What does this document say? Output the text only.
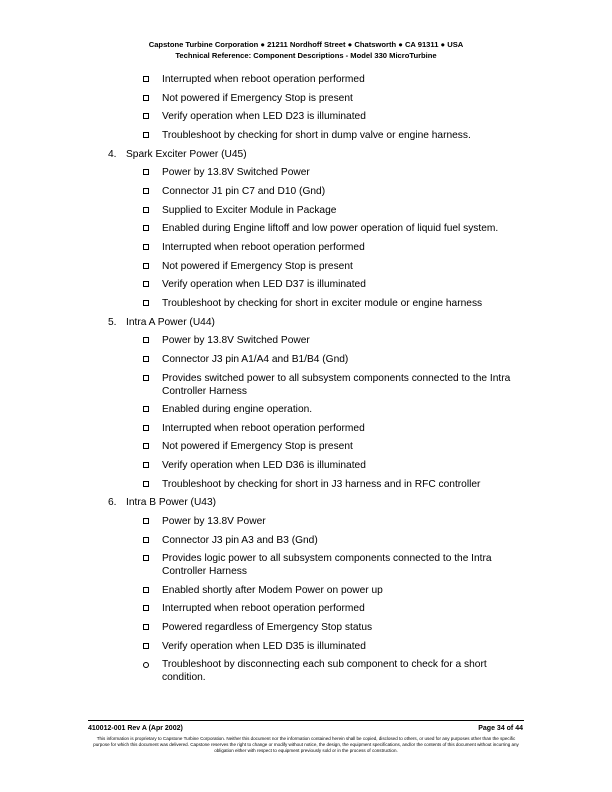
Capstone Turbine Corporation ● 21211 Nordhoff Street ● Chatsworth ● CA 91311 ● USA
Technical Reference: Component Descriptions - Model 330 MicroTurbine
Interrupted when reboot operation performed
Not powered if Emergency Stop is present
Verify operation when LED D23 is illuminated
Troubleshoot by checking for short in dump valve or engine harness.
4. Spark Exciter Power (U45)
Power by 13.8V Switched Power
Connector J1 pin C7 and D10 (Gnd)
Supplied to Exciter Module in Package
Enabled during Engine liftoff and low power operation of liquid fuel system.
Interrupted when reboot operation performed
Not powered if Emergency Stop is present
Verify operation when LED D37 is illuminated
Troubleshoot by checking for short in exciter module or engine harness
5. Intra A Power (U44)
Power by 13.8V Switched Power
Connector J3 pin A1/A4 and B1/B4 (Gnd)
Provides switched power to all subsystem components connected to the Intra Controller Harness
Enabled during engine operation.
Interrupted when reboot operation performed
Not powered if Emergency Stop is present
Verify operation when LED D36 is illuminated
Troubleshoot by checking for short in J3 harness and in RFC controller
6. Intra B Power (U43)
Power by 13.8V Power
Connector J3 pin A3 and B3 (Gnd)
Provides logic power to all subsystem components connected to the Intra Controller Harness
Enabled shortly after Modem Power on power up
Interrupted when reboot operation performed
Powered regardless of Emergency Stop status
Verify operation when LED D35 is illuminated
Troubleshoot by disconnecting each sub component to check for a short condition.
410012-001 Rev A (Apr 2002)	Page 34 of 44
This information is proprietary to Capstone Turbine Corporation. Neither this document nor the information contained herein shall be copied, disclosed to others, or used for any purposes other than the specific purpose for which this document was delivered. Capstone reserves the right to change or modify without notice, the design, the equipment specifications, and/or the contents of this document without incurring any obligation either with respect to equipment previously sold or in the process of construction.
